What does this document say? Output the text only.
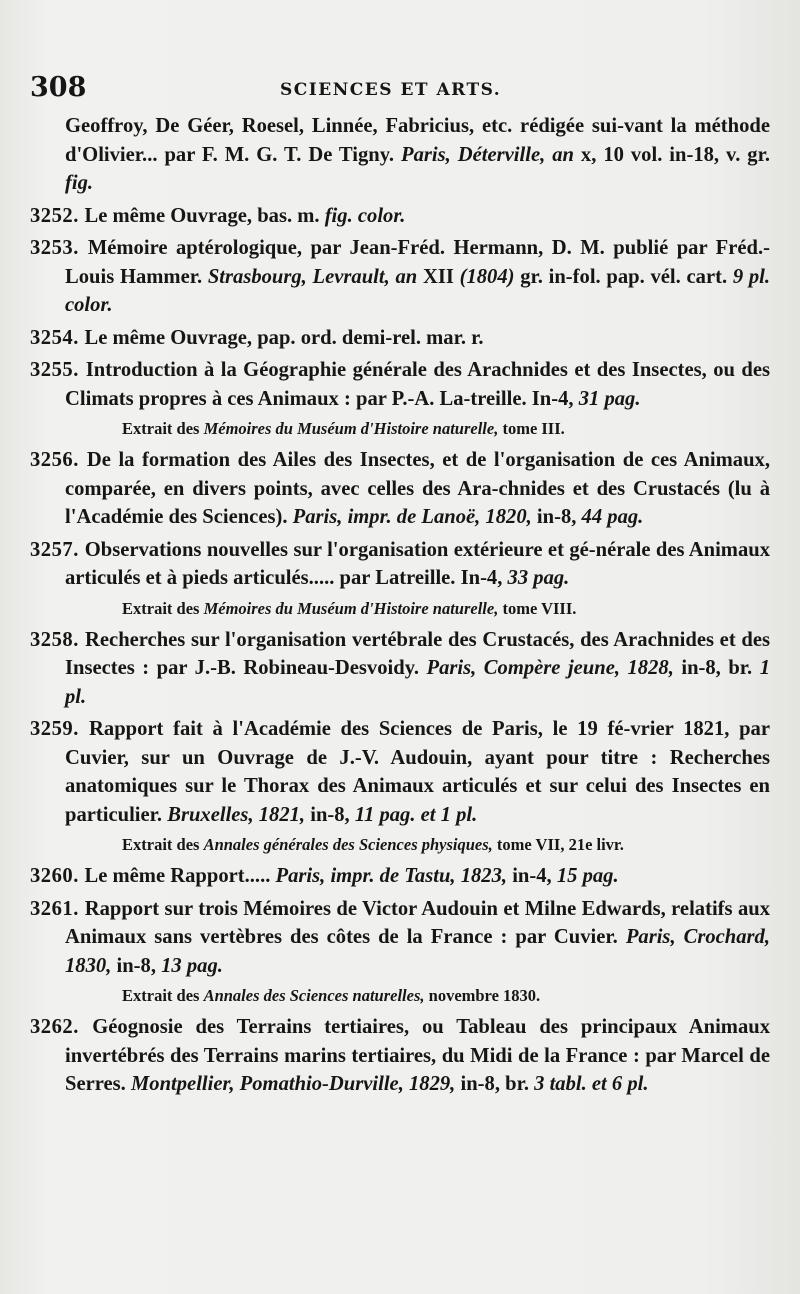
308	SCIENCES ET ARTS.

Geoffroy, De Géer, Roesel, Linnée, Fabricius, etc. rédigée sui-vant la méthode d'Olivier... par F. M. G. T. De Tigny. Paris, Déterville, an x, 10 vol. in-18, v. gr. fig.

3252. Le même Ouvrage, bas. m. fig. color.

3253. Mémoire aptérologique, par Jean-Fréd. Hermann, D. M. publié par Fréd.-Louis Hammer. Strasbourg, Levrault, an XII (1804) gr. in-fol. pap. vél. cart. 9 pl. color.

3254. Le même Ouvrage, pap. ord. demi-rel. mar. r.

3255. Introduction à la Géographie générale des Arachnides et des Insectes, ou des Climats propres à ces Animaux : par P.-A. La-treille. In-4, 31 pag.

Extrait des Mémoires du Muséum d'Histoire naturelle, tome III.

3256. De la formation des Ailes des Insectes, et de l'organisation de ces Animaux, comparée, en divers points, avec celles des Ara-chnides et des Crustacés (lu à l'Académie des Sciences). Paris, impr. de Lanoë, 1820, in-8, 44 pag.

3257. Observations nouvelles sur l'organisation extérieure et gé-nérale des Animaux articulés et à pieds articulés..... par Latreille. In-4, 33 pag.

Extrait des Mémoires du Muséum d'Histoire naturelle, tome VIII.

3258. Recherches sur l'organisation vertébrale des Crustacés, des Arachnides et des Insectes : par J.-B. Robineau-Desvoidy. Paris, Compère jeune, 1828, in-8, br. 1 pl.

3259. Rapport fait à l'Académie des Sciences de Paris, le 19 fé-vrier 1821, par Cuvier, sur un Ouvrage de J.-V. Audouin, ayant pour titre : Recherches anatomiques sur le Thorax des Animaux articulés et sur celui des Insectes en particulier. Bruxelles, 1821, in-8, 11 pag. et 1 pl.

Extrait des Annales générales des Sciences physiques, tome VII, 21e livr.

3260. Le même Rapport..... Paris, impr. de Tastu, 1823, in-4, 15 pag.

3261. Rapport sur trois Mémoires de Victor Audouin et Milne Edwards, relatifs aux Animaux sans vertèbres des côtes de la France : par Cuvier. Paris, Crochard, 1830, in-8, 13 pag.

Extrait des Annales des Sciences naturelles, novembre 1830.

3262. Géognosie des Terrains tertiaires, ou Tableau des principaux Animaux invertébrés des Terrains marins tertiaires, du Midi de la France : par Marcel de Serres. Montpellier, Pomathio-Durville, 1829, in-8, br. 3 tabl. et 6 pl.
